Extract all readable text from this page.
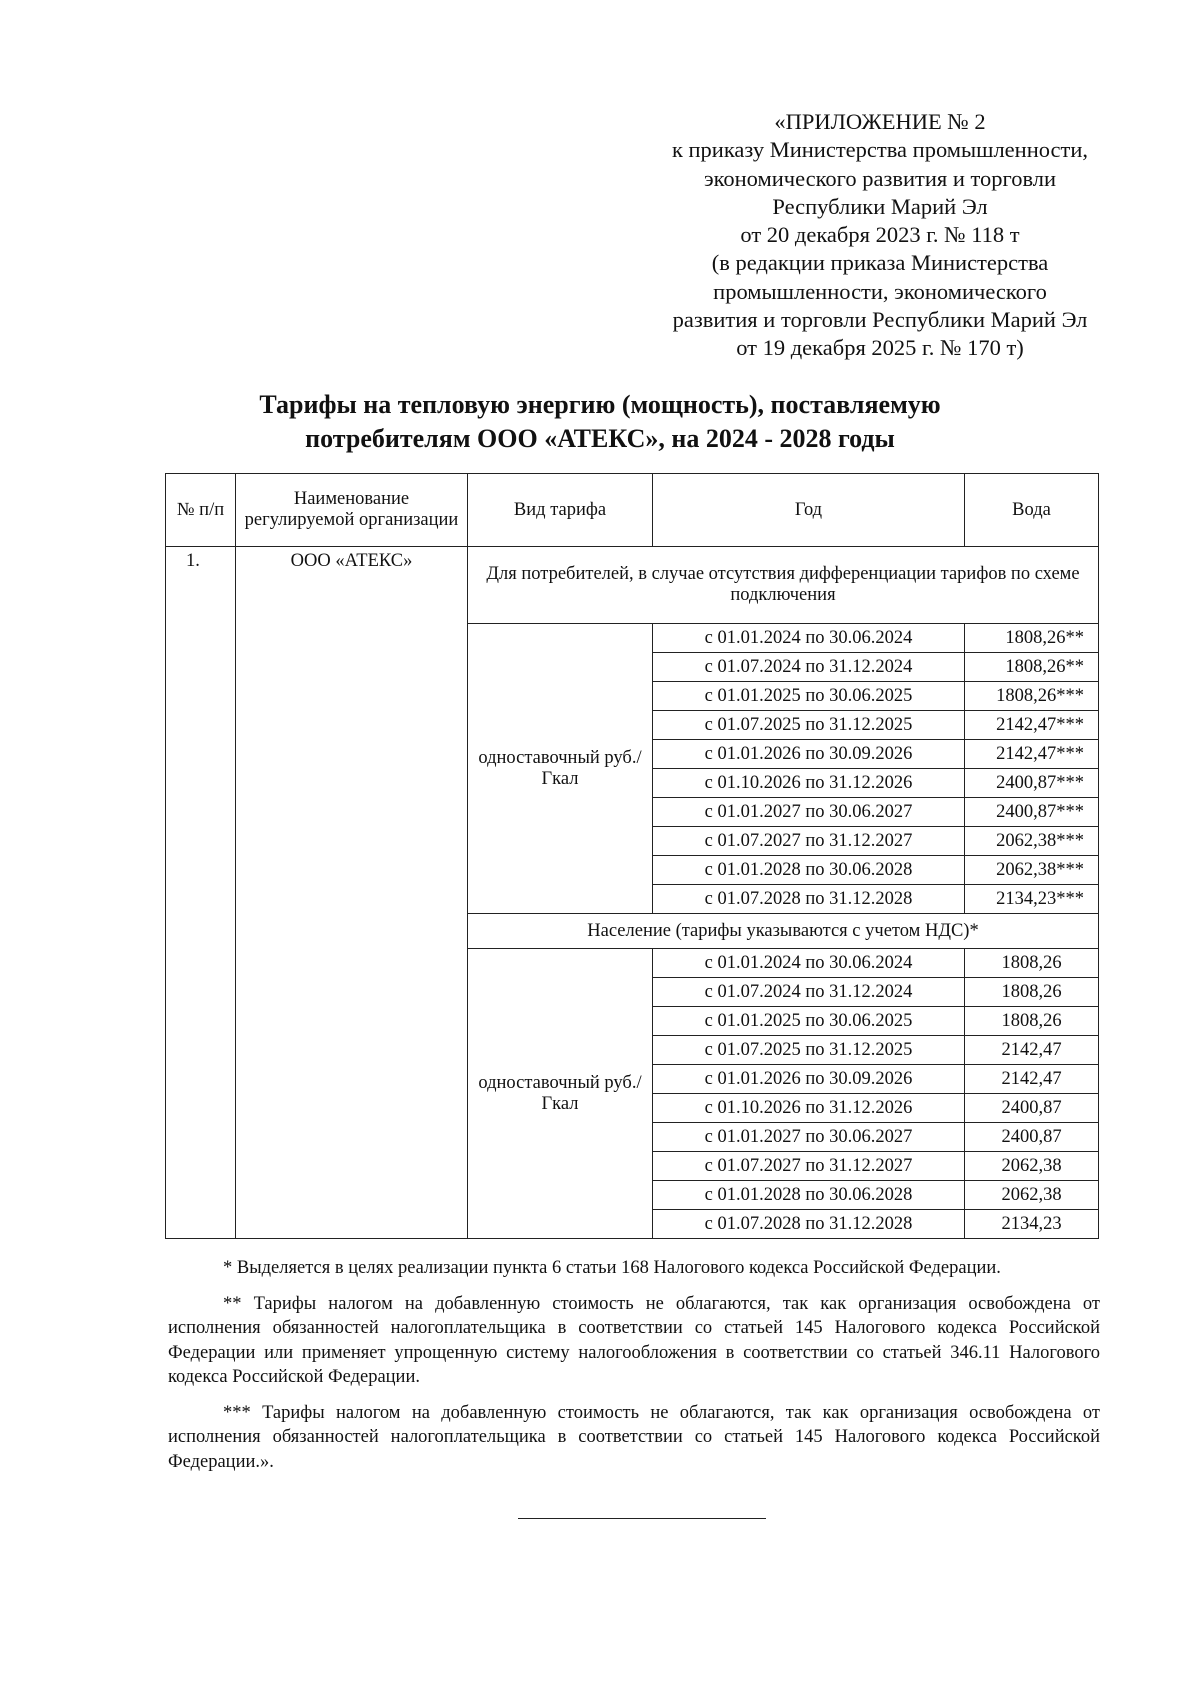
«ПРИЛОЖЕНИЕ № 2
к приказу Министерства промышленности,
экономического развития и торговли
Республики Марий Эл
от 20 декабря 2023 г. № 118 т
(в редакции приказа Министерства
промышленности, экономического
развития и торговли Республики Марий Эл
от 19 декабря 2025 г. № 170 т)
Тарифы на тепловую энергию (мощность), поставляемую
потребителям ООО «АТЕКС», на 2024 - 2028 годы
№ п/п	Наименование регулируемой организации	Вид тарифа	Год	Вода
1.	ООО «АТЕКС»	Для потребителей, в случае отсутствия дифференциации тарифов по схеме подключения		
		одноставочный руб./Гкал	с 01.01.2024 по 30.06.2024	1808,26**
			с 01.07.2024 по 31.12.2024	1808,26**
			с 01.01.2025 по 30.06.2025	1808,26***
			с 01.07.2025 по 31.12.2025	2142,47***
			с 01.01.2026 по 30.09.2026	2142,47***
			с 01.10.2026 по 31.12.2026	2400,87***
			с 01.01.2027 по 30.06.2027	2400,87***
			с 01.07.2027 по 31.12.2027	2062,38***
			с 01.01.2028 по 30.06.2028	2062,38***
			с 01.07.2028 по 31.12.2028	2134,23***
		Население (тарифы указываются с учетом НДС)*		
		одноставочный руб./Гкал	с 01.01.2024 по 30.06.2024	1808,26
			с 01.07.2024 по 31.12.2024	1808,26
			с 01.01.2025 по 30.06.2025	1808,26
			с 01.07.2025 по 31.12.2025	2142,47
			с 01.01.2026 по 30.09.2026	2142,47
			с 01.10.2026 по 31.12.2026	2400,87
			с 01.01.2027 по 30.06.2027	2400,87
			с 01.07.2027 по 31.12.2027	2062,38
			с 01.01.2028 по 30.06.2028	2062,38
			с 01.07.2028 по 31.12.2028	2134,23

* Выделяется в целях реализации пункта 6 статьи 168 Налогового кодекса Российской Федерации.

** Тарифы налогом на добавленную стоимость не облагаются, так как организация освобождена от исполнения обязанностей налогоплательщика в соответствии со статьей 145 Налогового кодекса Российской Федерации или применяет упрощенную систему налогообложения в соответствии со статьей 346.11 Налогового кодекса Российской Федерации.

*** Тарифы налогом на добавленную стоимость не облагаются, так как организация освобождена от исполнения обязанностей налогоплательщика в соответствии со статьей 145 Налогового кодекса Российской Федерации.».
